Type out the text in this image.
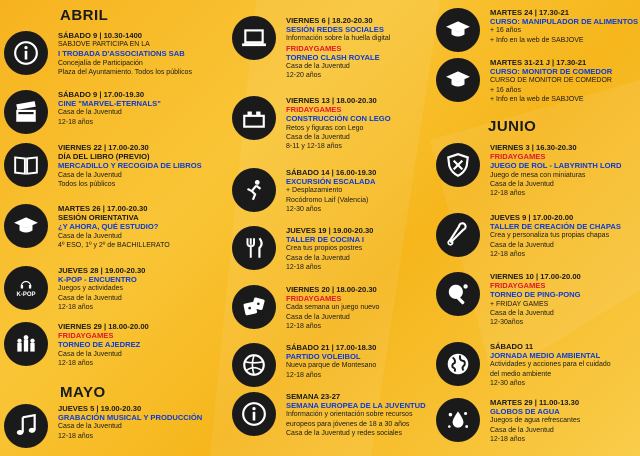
ABRIL
MAYO
JUNIO
SÁBADO 9 | 10.30-1400
SABJOVE PARTICIPA EN LA
I TROBADA D'ASSOCIATIONS SAB
Concejalía de Participación
Plaza del Ayuntamiento. Todos los públicos
SÁBADO 9 | 17.00-19.30
CINE "MARVEL-ETERNALS"
Casa de la Juventud
12-18 años
VIERNES 22 | 17.00-20.30
DÍA DEL LIBRO (PREVIO)
MERCADILLO Y RECOGIDA DE LIBROS
Casa de la Juventud
Todos los públicos
MARTES 26 | 17.00-20.30
SESIÓN ORIENTATIVA
¿Y AHORA, QUÉ ESTUDIO?
Casa de la Juventud
4º ESO, 1º y 2º de BACHILLERATO
K-POP
JUEVES 28 | 19.00-20.30
K-POP - ENCUENTRO
Juegos y actividades
Casa de la Juventud
12-18 años
VIERNES 29 | 18.00-20.00
FRIDAYGAMES
TORNEO DE AJEDREZ
Casa de la Juventud
12-18 años
JUEVES 5 | 19.00-20.30
GRABACIÓN MUSICAL Y PRODUCCIÓN
Casa de la Juventud
12-18 años
VIERNES 6 | 18.20-20.30
SESIÓN REDES SOCIALES
Información sobre la huella digital
FRIDAYGAMES
TORNEO CLASH ROYALE
Casa de la Juventud
12-20 años
VIERNES 13 | 18.00-20.30
FRIDAYGAMES
CONSTRUCCIÓN CON LEGO
Retos y figuras con Lego
Casa de la Juventud
8-11 y 12-18 años
SÁBADO 14 | 16.00-19.30
EXCURSIÓN ESCALADA
+ Desplazamiento
Rocódromo Laif (Valencia)
12-30 años
JUEVES 19 | 19.00-20.30
TALLER DE COCINA I
Crea tus propios postres
Casa de la Juventud
12-18 años
VIERNES 20 | 18.00-20.30
FRIDAYGAMES
Cada semana un juego nuevo
Casa de la Juventud
12-18 años
SÁBADO 21 | 17.00-18.30
PARTIDO VOLEIBOL
Nueva parque de Montesano
12-18 años
SEMANA 23-27
SEMANA EUROPEA DE LA JUVENTUD
Información y orientación sobre recursos
europeos para jóvenes de 18 a 30 años
Casa de la Juventud y redes sociales
MARTES 24 | 17.30-21
CURSO: MANIPULADOR DE ALIMENTOS
+ 16 años
+ Info en la web de SABJOVE
MARTES 31-21 J | 17.30-21
CURSO: MONITOR DE COMEDOR
CURSO DE MONITOR DE COMEDOR
+ 16 años
+ Info en la web de SABJOVE
VIERNES 3 | 16.30-20.30
FRIDAYGAMES
JUEGO DE ROL - LABYRINTH LORD
Juego de mesa con miniaturas
Casa de la Juventud
12-18 años
JUEVES 9 | 17.00-20.00
TALLER DE CREACIÓN DE CHAPAS
Crea y personaliza tus propias chapas
Casa de la Juventud
12-18 años
VIERNES 10 | 17.00-20.00
FRIDAYGAMES
TORNEO DE PING-PONG
+ FRIDAY GAMES
Casa de la Juventud
12-30años
SÁBADO 11
JORNADA MEDIO AMBIENTAL
Actividades y acciones para el cuidado
del medio ambiente
12-30 años
MARTES 29 | 11.00-13.30
GLOBOS DE AGUA
Juegos de agua refrescantes
Casa de la Juventud
12-18 años
